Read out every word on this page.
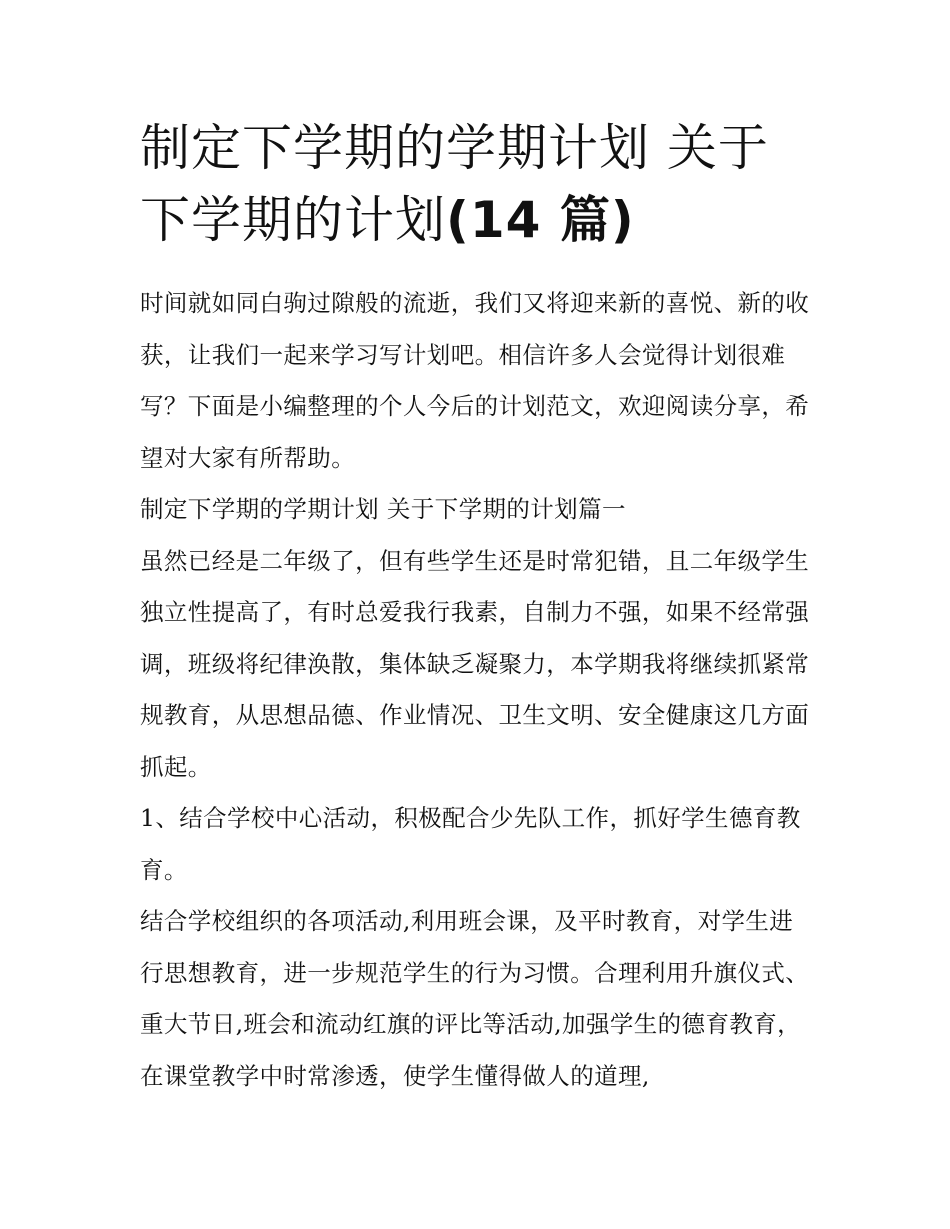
制定下学期的学期计划 关于下学期的计划(14 篇)

时间就如同白驹过隙般的流逝，我们又将迎来新的喜悦、新的收获，让我们一起来学习写计划吧。相信许多人会觉得计划很难写？下面是小编整理的个人今后的计划范文，欢迎阅读分享，希望对大家有所帮助。

制定下学期的学期计划 关于下学期的计划篇一

虽然已经是二年级了，但有些学生还是时常犯错，且二年级学生独立性提高了，有时总爱我行我素，自制力不强，如果不经常强调，班级将纪律涣散，集体缺乏凝聚力，本学期我将继续抓紧常规教育，从思想品德、作业情况、卫生文明、安全健康这几方面抓起。

1、结合学校中心活动，积极配合少先队工作，抓好学生德育教育。

结合学校组织的各项活动,利用班会课，及平时教育，对学生进行思想教育，进一步规范学生的行为习惯。合理利用升旗仪式、重大节日,班会和流动红旗的评比等活动,加强学生的德育教育，在课堂教学中时常渗透，使学生懂得做人的道理,
